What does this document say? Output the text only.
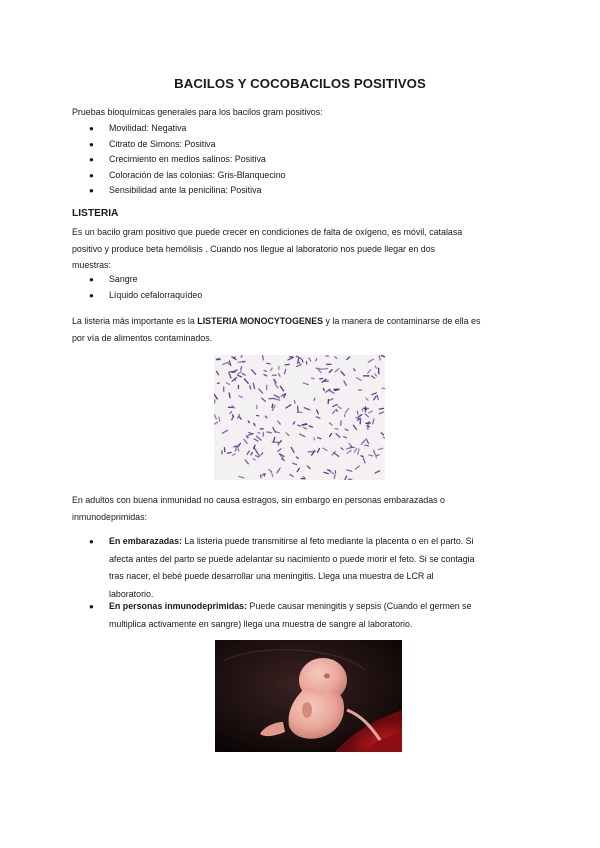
BACILOS Y COCOBACILOS POSITIVOS
Pruebas bioquímicas generales para los bacilos gram positivos:
● Movilidad: Negativa
● Citrato de Simons: Positiva
● Crecimiento en medios salinos: Positiva
● Coloración de las colonias: Gris-Blanquecino
● Sensibilidad ante la penicilina: Positiva
LISTERIA
Es un bacilo gram positivo que puede crecer en condiciones de falta de oxígeno, es móvil, catalasa
positivo y produce beta hemólisis . Cuando nos llegue al laboratorio nos puede llegar en dos
muestras:
● Sangre
● Líquido cefalorraquídeo
La listeria más importante es la LISTERIA MONOCYTOGENES y la manera de contaminarse de ella es
por vía de alimentos contaminados.
En adultos con buena inmunidad no causa estragos, sin embargo en personas embarazadas o
inmunodeprimidas:
● En embarazadas: La listeria puede transmitirse al feto mediante la placenta o en el parto. Si
afecta antes del parto se puede adelantar su nacimiento o puede morir el feto. Si se contagia
tras nacer, el bebé puede desarrollar una meningitis. Llega una muestra de LCR al
laboratorio.
● En personas inmunodeprimidas: Puede causar meningitis y sepsis (Cuando el germen se
multiplica activamente en sangre) llega una muestra de sangre al laboratorio.
